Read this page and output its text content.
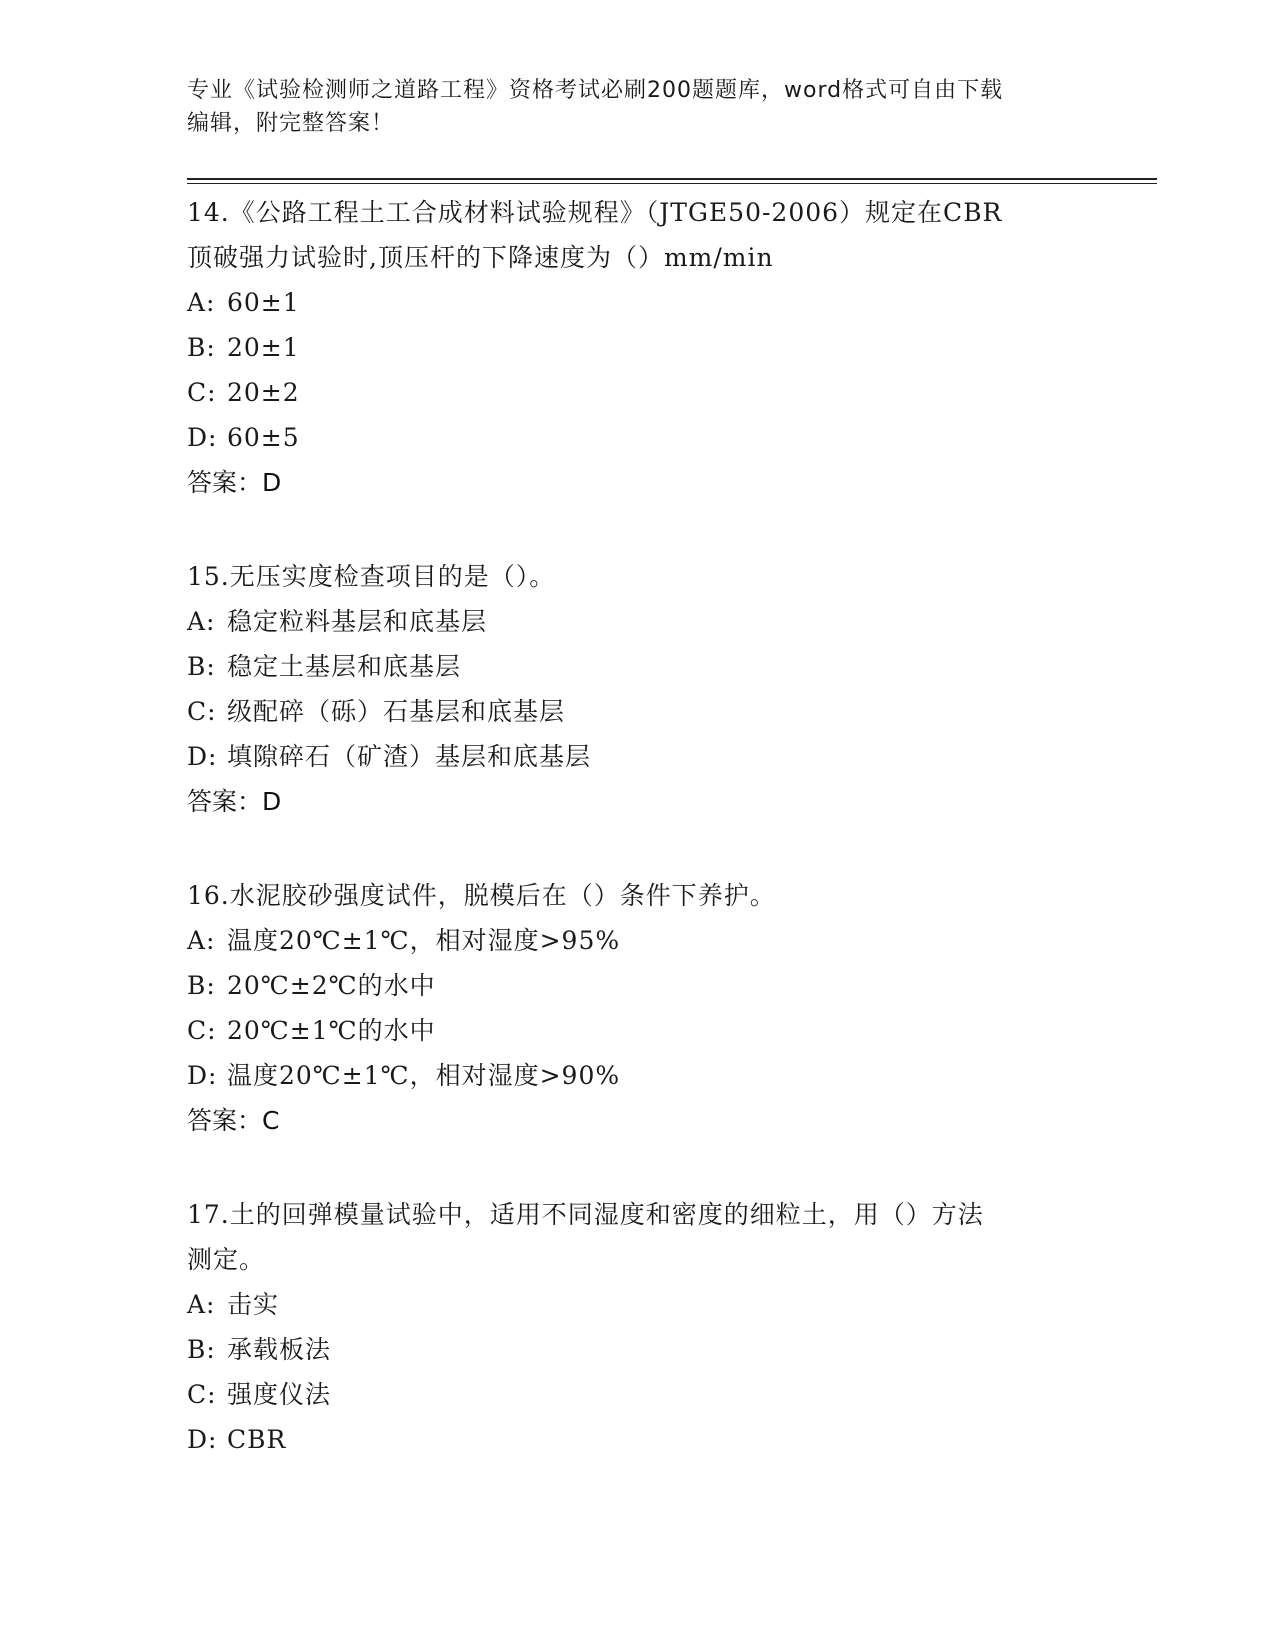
专业《试验检测师之道路工程》资格考试必刷200题题库，word格式可自由下载
编辑，附完整答案！

14.《公路工程土工合成材料试验规程》（JTGE50-2006）规定在CBR

顶破强力试验时,顶压杆的下降速度为（）mm/min

A: 60±1

B: 20±1

C: 20±2

D: 60±5

答案：D

15.无压实度检查项目的是（）。

A: 稳定粒料基层和底基层

B: 稳定土基层和底基层

C: 级配碎（砾）石基层和底基层

D: 填隙碎石（矿渣）基层和底基层

答案：D

16.水泥胶砂强度试件，脱模后在（）条件下养护。

A: 温度20℃±1℃，相对湿度>95%

B: 20℃±2℃的水中

C: 20℃±1℃的水中

D: 温度20℃±1℃，相对湿度>90%

答案：C

17.土的回弹模量试验中，适用不同湿度和密度的细粒土，用（）方法

测定。

A: 击实

B: 承载板法

C: 强度仪法

D: CBR
